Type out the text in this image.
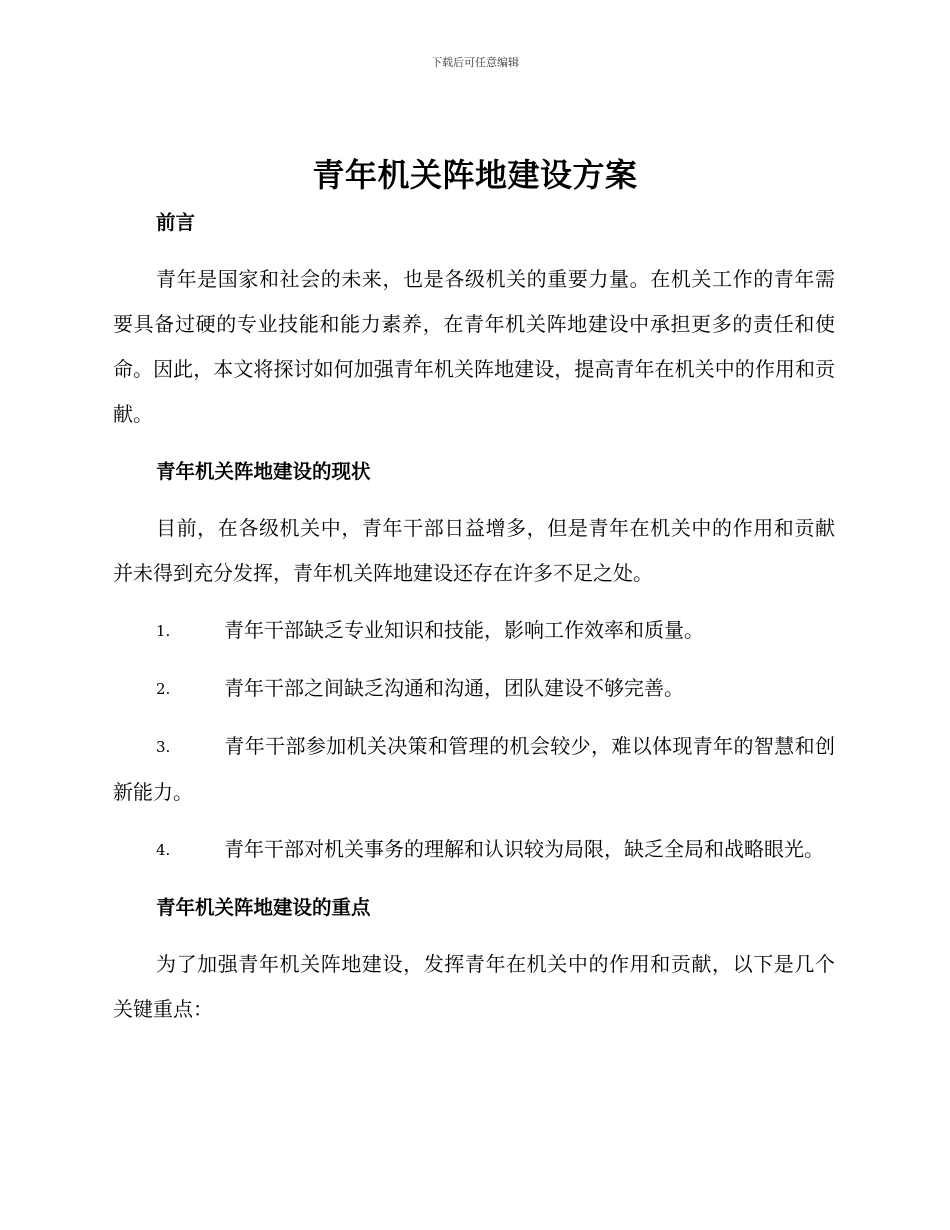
下载后可任意编辑
青年机关阵地建设方案
前言
青年是国家和社会的未来，也是各级机关的重要力量。在机关工作的青年需要具备过硬的专业技能和能力素养，在青年机关阵地建设中承担更多的责任和使命。因此，本文将探讨如何加强青年机关阵地建设，提高青年在机关中的作用和贡献。
青年机关阵地建设的现状
目前，在各级机关中，青年干部日益增多，但是青年在机关中的作用和贡献并未得到充分发挥，青年机关阵地建设还存在许多不足之处。
1.	青年干部缺乏专业知识和技能，影响工作效率和质量。
2.	青年干部之间缺乏沟通和沟通，团队建设不够完善。
3.	青年干部参加机关决策和管理的机会较少，难以体现青年的智慧和创新能力。
4.	青年干部对机关事务的理解和认识较为局限，缺乏全局和战略眼光。
青年机关阵地建设的重点
为了加强青年机关阵地建设，发挥青年在机关中的作用和贡献，以下是几个关键重点：
